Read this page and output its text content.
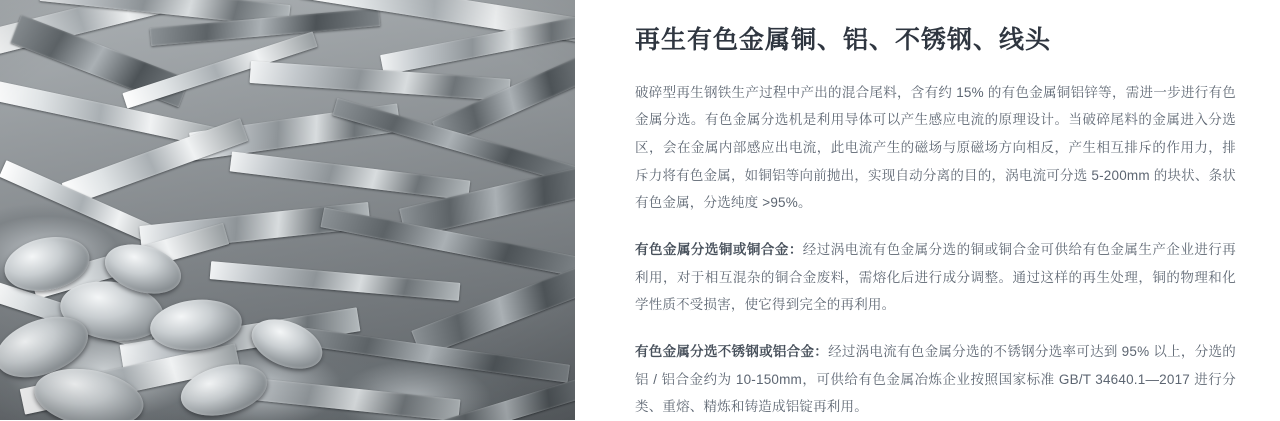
再生有色金属铜、铝、不锈钢、线头

破碎型再生钢铁生产过程中产出的混合尾料，含有约 15% 的有色金属铜铝锌等，需进一步进行有色金属分选。有色金属分选机是利用导体可以产生感应电流的原理设计。当破碎尾料的金属进入分选区，会在金属内部感应出电流，此电流产生的磁场与原磁场方向相反，产生相互排斥的作用力，排斥力将有色金属，如铜铝等向前抛出，实现自动分离的目的，涡电流可分选 5-200mm 的块状、条状有色金属，分选纯度 >95%。

有色金属分选铜或铜合金：经过涡电流有色金属分选的铜或铜合金可供给有色金属生产企业进行再利用，对于相互混杂的铜合金废料，需熔化后进行成分调整。通过这样的再生处理，铜的物理和化学性质不受损害，使它得到完全的再利用。

有色金属分选不锈钢或铝合金：经过涡电流有色金属分选的不锈钢分选率可达到 95% 以上，分选的铝 / 铝合金约为 10-150mm，可供给有色金属冶炼企业按照国家标准 GB/T 34640.1—2017 进行分类、重熔、精炼和铸造成铝锭再利用。
